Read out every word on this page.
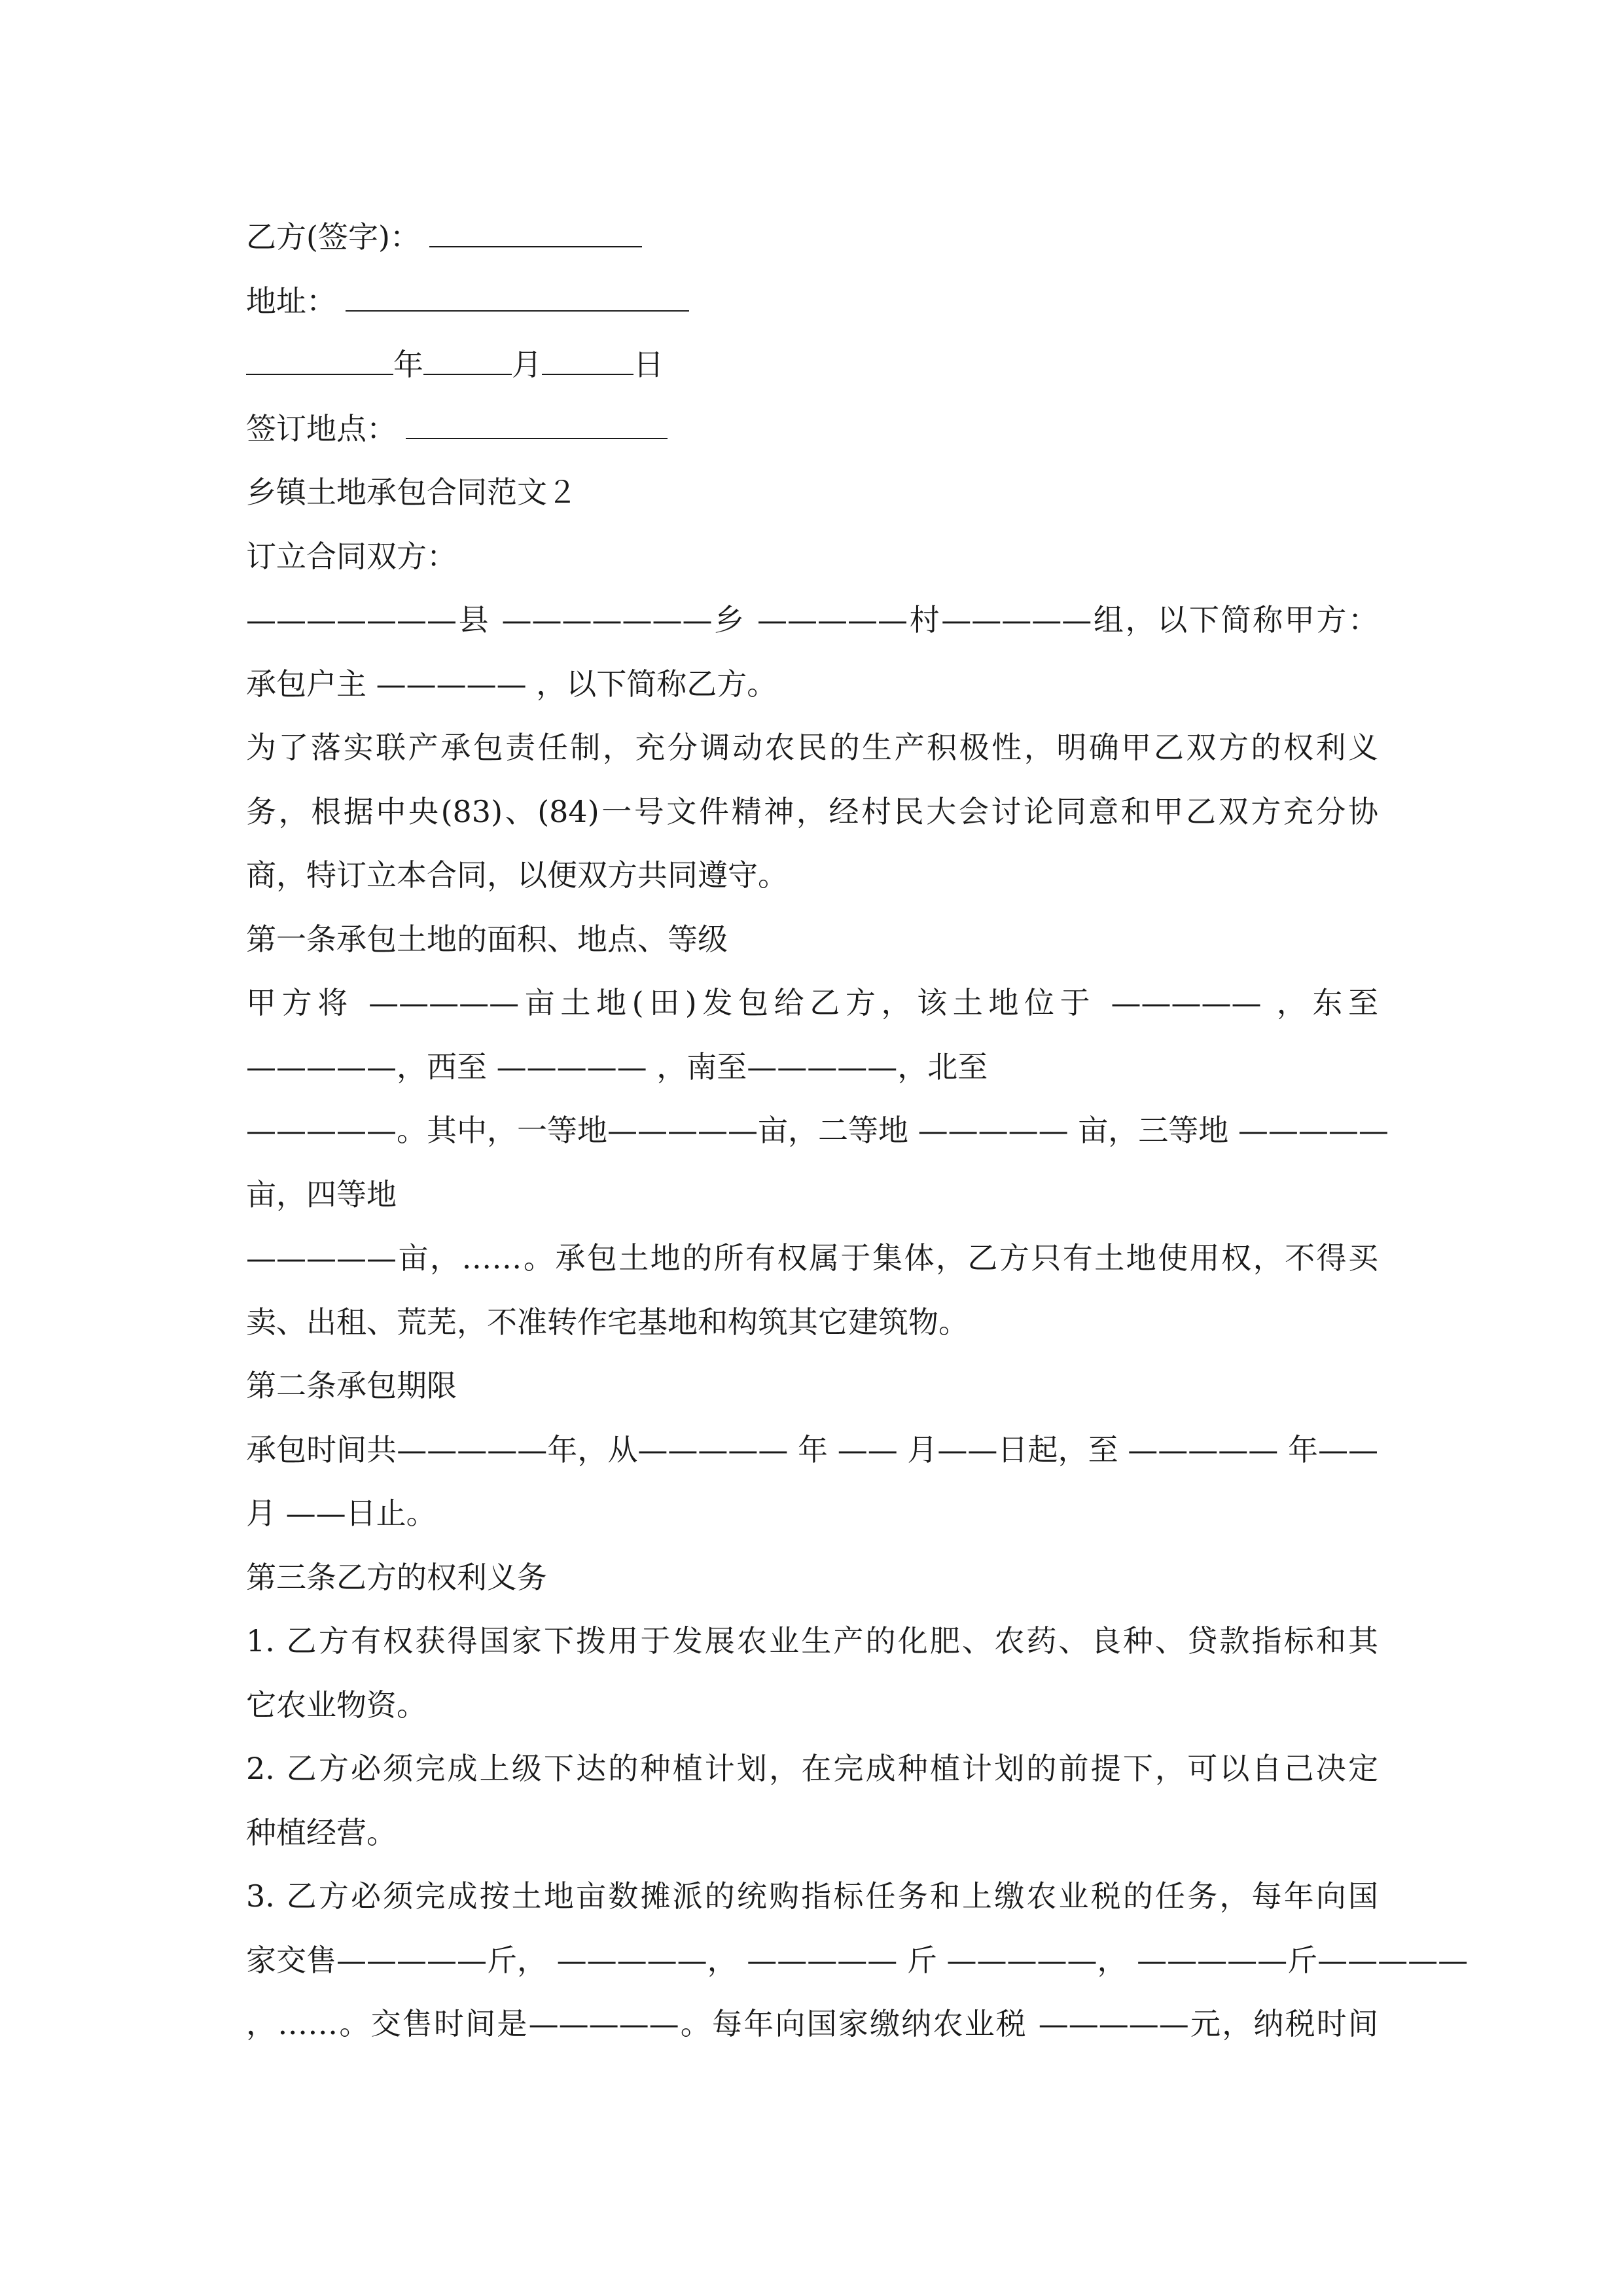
乙方(签字)：
地址：
年	月	日
签订地点：
乡镇土地承包合同范文２
订立合同双方：
———————县 ———————乡 —————村—————组，以下简称甲方：
承包户主 ————— ，以下简称乙方。
为了落实联产承包责任制，充分调动农民的生产积极性，明确甲乙双方的权利义
务，根据中央(83)、(84)一号文件精神，经村民大会讨论同意和甲乙双方充分协
商，特订立本合同，以便双方共同遵守。
第一条承包土地的面积、地点、等级
甲方将 —————亩土地(田)发包给乙方，该土地位于 ————— ，东至
—————，西至 ————— ，南至—————，北至
—————。其中，一等地—————亩，二等地 ————— 亩，三等地 —————
亩，四等地
—————亩，……。承包土地的所有权属于集体，乙方只有土地使用权，不得买
卖、出租、荒芜，不准转作宅基地和构筑其它建筑物。
第二条承包期限
承包时间共—————年，从————— 年 —— 月——日起，至 ————— 年——
月 ——日止。
第三条乙方的权利义务
1. 乙方有权获得国家下拨用于发展农业生产的化肥、农药、良种、贷款指标和其
它农业物资。
2. 乙方必须完成上级下达的种植计划，在完成种植计划的前提下，可以自己决定
种植经营。
3. 乙方必须完成按土地亩数摊派的统购指标任务和上缴农业税的任务，每年向国
家交售—————斤， —————， ————— 斤 —————， —————斤—————
，……。交售时间是—————。每年向国家缴纳农业税 —————元，纳税时间
